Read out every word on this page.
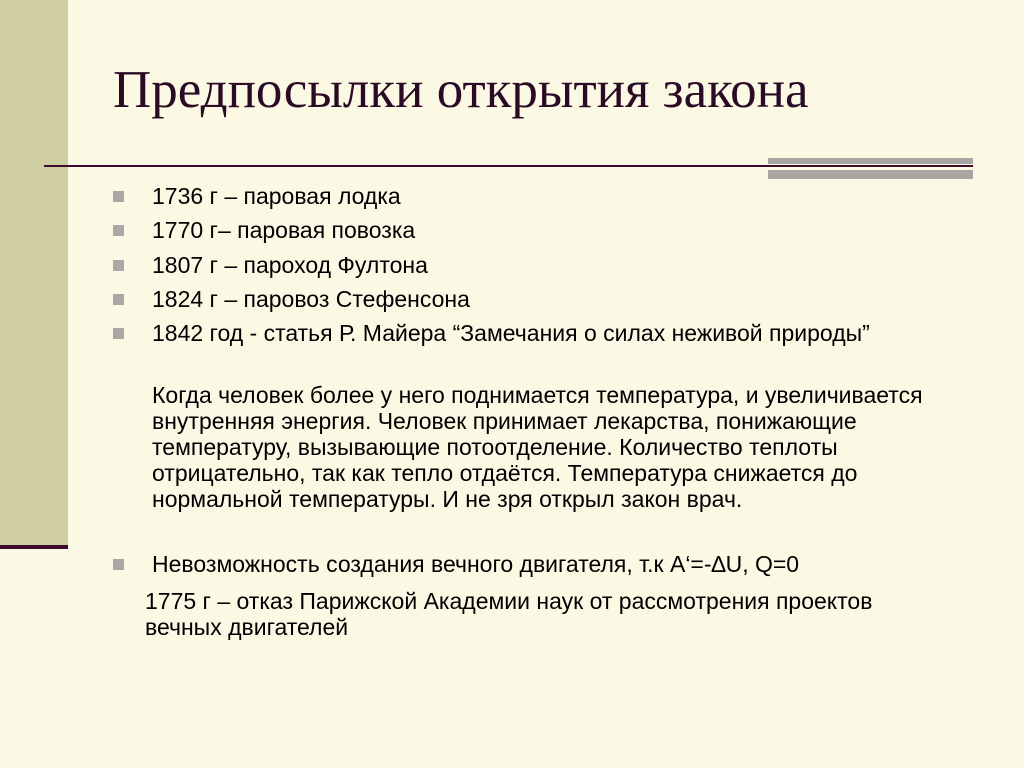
Предпосылки открытия закона
1736 г – паровая лодка
1770 г– паровая повозка
1807 г – пароход Фултона
1824 г – паровоз Стефенсона
1842 год - статья Р. Майера “Замечания о силах неживой природы”
Когда человек более у него поднимается температура, и увеличивается внутренняя энергия. Человек принимает лекарства, понижающие температуру, вызывающие потоотделение. Количество теплоты отрицательно, так как тепло отдаётся. Температура снижается до нормальной температуры. И не зря открыл закон врач.
Невозможность создания вечного двигателя, т.к A‘=-∆U, Q=0
1775 г – отказ Парижской Академии наук от рассмотрения проектов вечных двигателей
